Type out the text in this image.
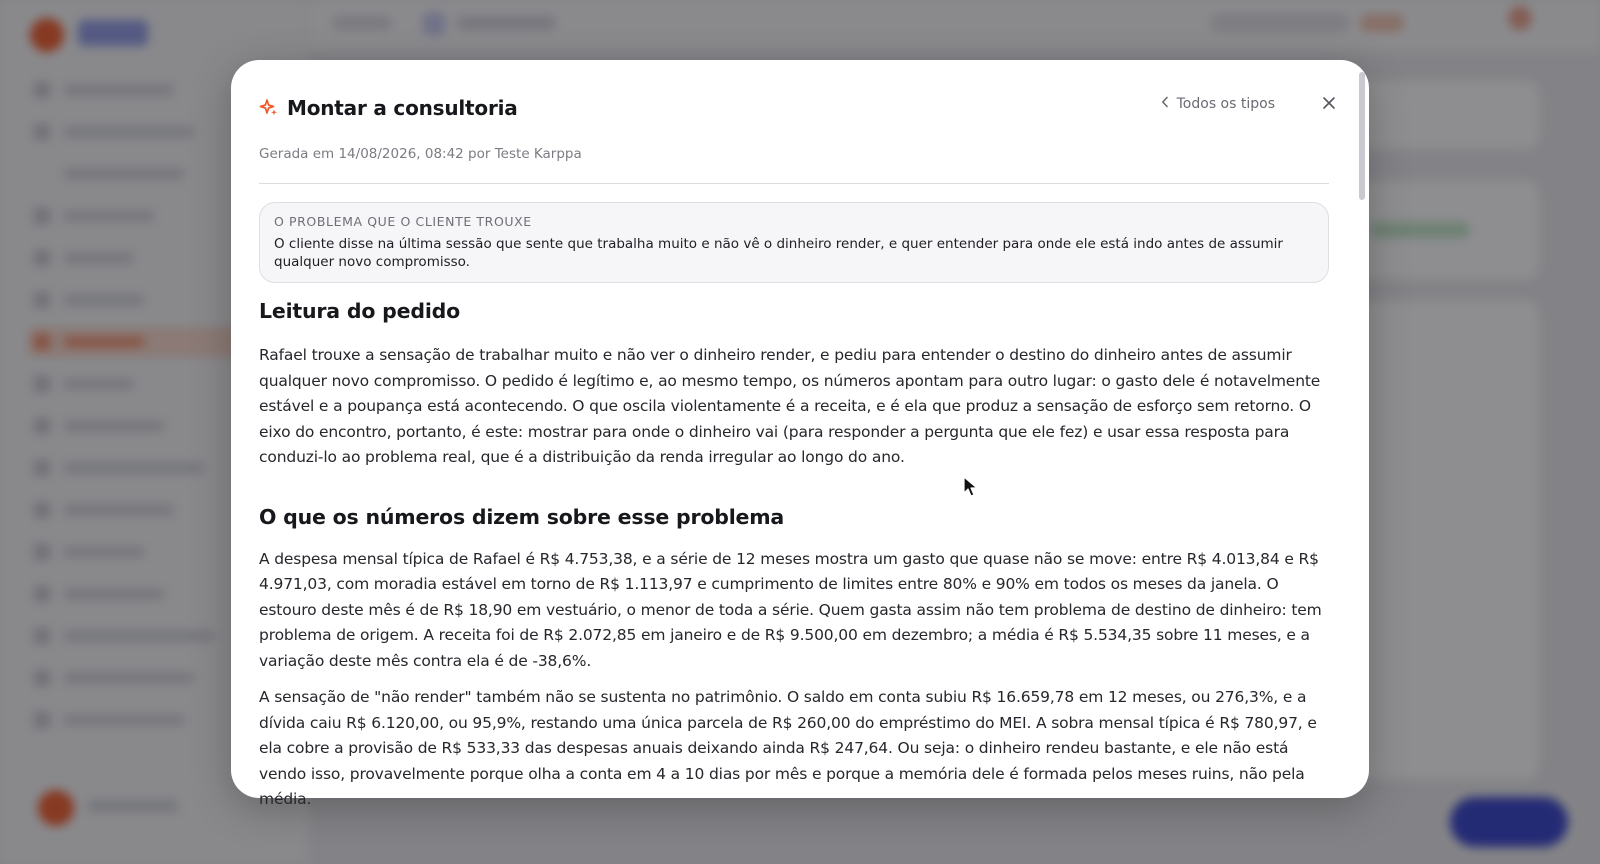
Montar a consultoria	Todos os tipos
Gerada em 14/08/2026, 08:42 por Teste Karppa
O PROBLEMA QUE O CLIENTE TROUXE
O cliente disse na última sessão que sente que trabalha muito e não vê o dinheiro render, e quer entender para onde ele está indo antes de assumir qualquer novo compromisso.
Leitura do pedido

Rafael trouxe a sensação de trabalhar muito e não ver o dinheiro render, e pediu para entender o destino do dinheiro antes de assumir qualquer novo compromisso. O pedido é legítimo e, ao mesmo tempo, os números apontam para outro lugar: o gasto dele é notavelmente estável e a poupança está acontecendo. O que oscila violentamente é a receita, e é ela que produz a sensação de esforço sem retorno. O eixo do encontro, portanto, é este: mostrar para onde o dinheiro vai (para responder a pergunta que ele fez) e usar essa resposta para conduzi-lo ao problema real, que é a distribuição da renda irregular ao longo do ano.

O que os números dizem sobre esse problema

A despesa mensal típica de Rafael é R$ 4.753,38, e a série de 12 meses mostra um gasto que quase não se move: entre R$ 4.013,84 e R$ 4.971,03, com moradia estável em torno de R$ 1.113,97 e cumprimento de limites entre 80% e 90% em todos os meses da janela. O estouro deste mês é de R$ 18,90 em vestuário, o menor de toda a série. Quem gasta assim não tem problema de destino de dinheiro: tem problema de origem. A receita foi de R$ 2.072,85 em janeiro e de R$ 9.500,00 em dezembro; a média é R$ 5.534,35 sobre 11 meses, e a variação deste mês contra ela é de -38,6%.

A sensação de "não render" também não se sustenta no patrimônio. O saldo em conta subiu R$ 16.659,78 em 12 meses, ou 276,3%, e a dívida caiu R$ 6.120,00, ou 95,9%, restando uma única parcela de R$ 260,00 do empréstimo do MEI. A sobra mensal típica é R$ 780,97, e ela cobre a provisão de R$ 533,33 das despesas anuais deixando ainda R$ 247,64. Ou seja: o dinheiro rendeu bastante, e ele não está vendo isso, provavelmente porque olha a conta em 4 a 10 dias por mês e porque a memória dele é formada pelos meses ruins, não pela média.
